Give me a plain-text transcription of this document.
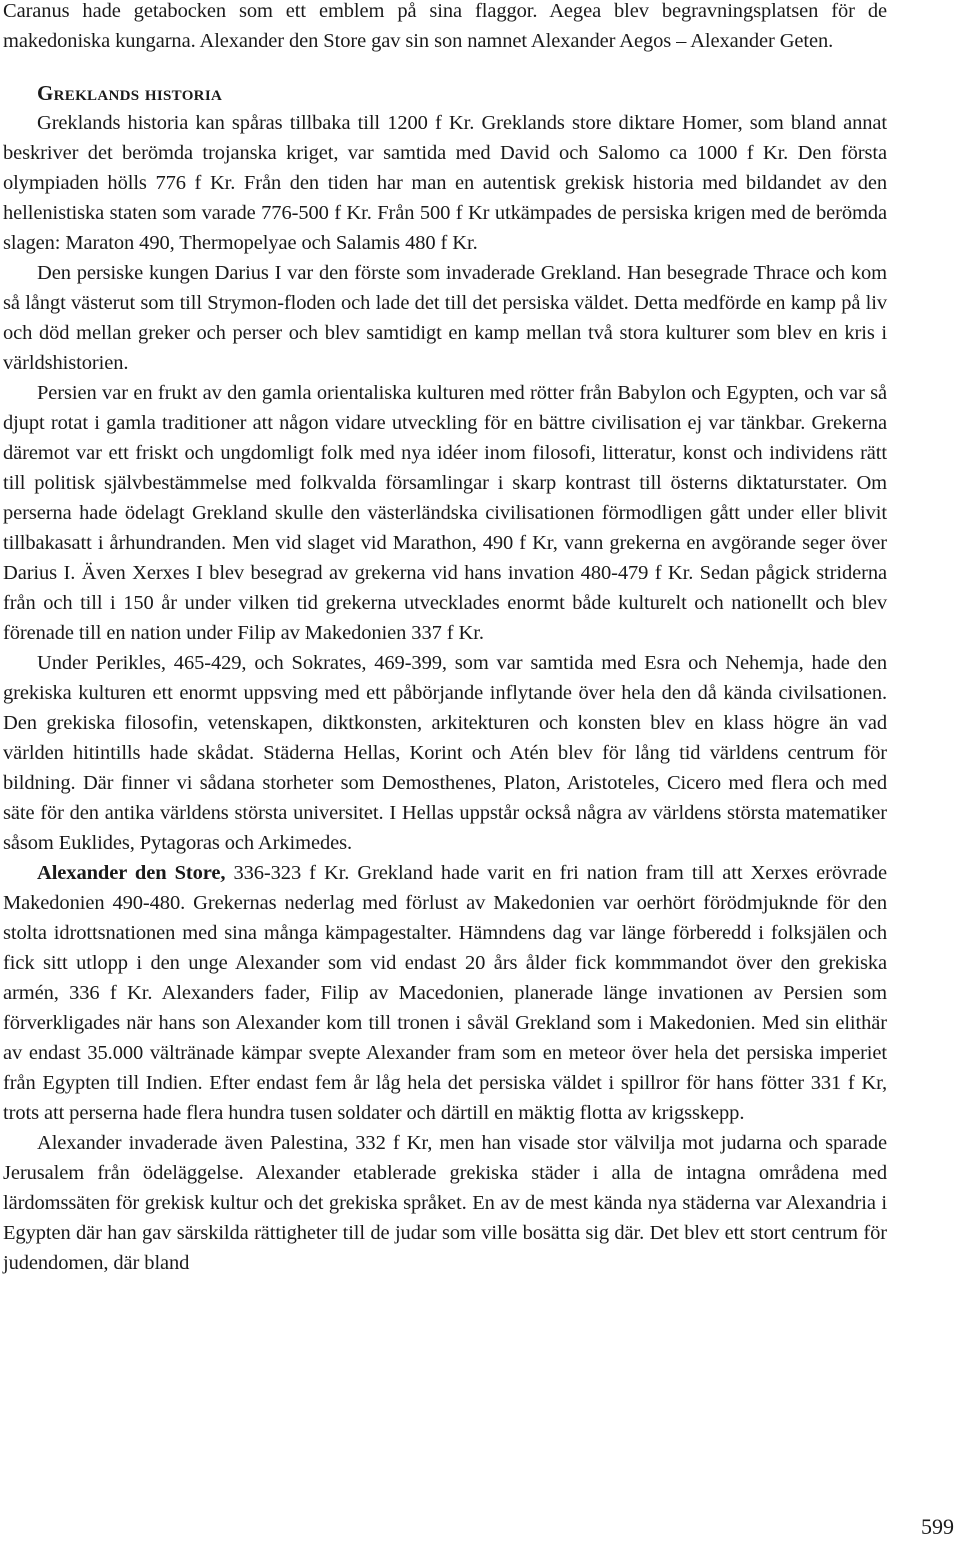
Caranus hade getabocken som ett emblem på sina flaggor. Aegea blev begravningsplatsen för de makedoniska kungarna. Alexander den Store gav sin son namnet Alexander Aegos – Alexander Geten.

Greklands historia

Greklands historia kan spåras tillbaka till 1200 f Kr. Greklands store diktare Homer, som bland annat beskriver det berömda trojanska kriget, var samtida med David och Salomo ca 1000 f Kr. Den första olympiaden hölls 776 f Kr. Från den tiden har man en autentisk grekisk historia med bildandet av den hellenistiska staten som varade 776-500 f Kr. Från 500 f Kr utkämpades de persiska krigen med de berömda slagen: Maraton 490, Thermopelyae och Salamis 480 f Kr.

Den persiske kungen Darius I var den förste som invaderade Grekland. Han besegrade Thrace och kom så långt västerut som till Strymon-floden och lade det till det persiska väldet. Detta medförde en kamp på liv och död mellan greker och perser och blev samtidigt en kamp mellan två stora kulturer som blev en kris i världshistorien.

Persien var en frukt av den gamla orientaliska kulturen med rötter från Babylon och Egypten, och var så djupt rotat i gamla traditioner att någon vidare utveckling för en bättre civilisation ej var tänkbar. Grekerna däremot var ett friskt och ungdomligt folk med nya idéer inom filosofi, litteratur, konst och individens rätt till politisk självbestämmelse med folkvalda församlingar i skarp kontrast till österns diktaturstater. Om perserna hade ödelagt Grekland skulle den västerländska civilisationen förmodligen gått under eller blivit tillbakasatt i århundranden. Men vid slaget vid Marathon, 490 f Kr, vann grekerna en avgörande seger över Darius I. Även Xerxes I blev besegrad av grekerna vid hans invation 480-479 f Kr. Sedan pågick striderna från och till i 150 år under vilken tid grekerna utvecklades enormt både kulturelt och nationellt och blev förenade till en nation under Filip av Makedonien 337 f Kr.

Under Perikles, 465-429, och Sokrates, 469-399, som var samtida med Esra och Nehemja, hade den grekiska kulturen ett enormt uppsving med ett påbörjande inflytande över hela den då kända civilsationen. Den grekiska filosofin, vetenskapen, diktkonsten, arkitekturen och konsten blev en klass högre än vad världen hitintills hade skådat. Städerna Hellas, Korint och Atén blev för lång tid världens centrum för bildning. Där finner vi sådana storheter som Demosthenes, Platon, Aristoteles, Cicero med flera och med säte för den antika världens största universitet. I Hellas uppstår också några av världens största matematiker såsom Euklides, Pytagoras och Arkimedes.

Alexander den Store, 336-323 f Kr. Grekland hade varit en fri nation fram till att Xerxes erövrade Makedonien 490-480. Grekernas nederlag med förlust av Makedonien var oerhört förödmjuknde för den stolta idrottsnationen med sina många kämpagestalter. Hämndens dag var länge förberedd i folksjälen och fick sitt utlopp i den unge Alexander som vid endast 20 års ålder fick kommmandot över den grekiska armén, 336 f Kr. Alexanders fader, Filip av Macedonien, planerade länge invationen av Persien som förverkligades när hans son Alexander kom till tronen i såväl Grekland som i Makedonien. Med sin elithär av endast 35.000 vältränade kämpar svepte Alexander fram som en meteor över hela det persiska imperiet från Egypten till Indien. Efter endast fem år låg hela det persiska väldet i spillror för hans fötter 331 f Kr, trots att perserna hade flera hundra tusen soldater och därtill en mäktig flotta av krigsskepp.

Alexander invaderade även Palestina, 332 f Kr, men han visade stor välvilja mot judarna och sparade Jerusalem från ödeläggelse. Alexander etablerade grekiska städer i alla de intagna områdena med lärdomssäten för grekisk kultur och det grekiska språket. En av de mest kända nya städerna var Alexandria i Egypten där han gav särskilda rättigheter till de judar som ville bosätta sig där. Det blev ett stort centrum för judendomen, där bland

599
